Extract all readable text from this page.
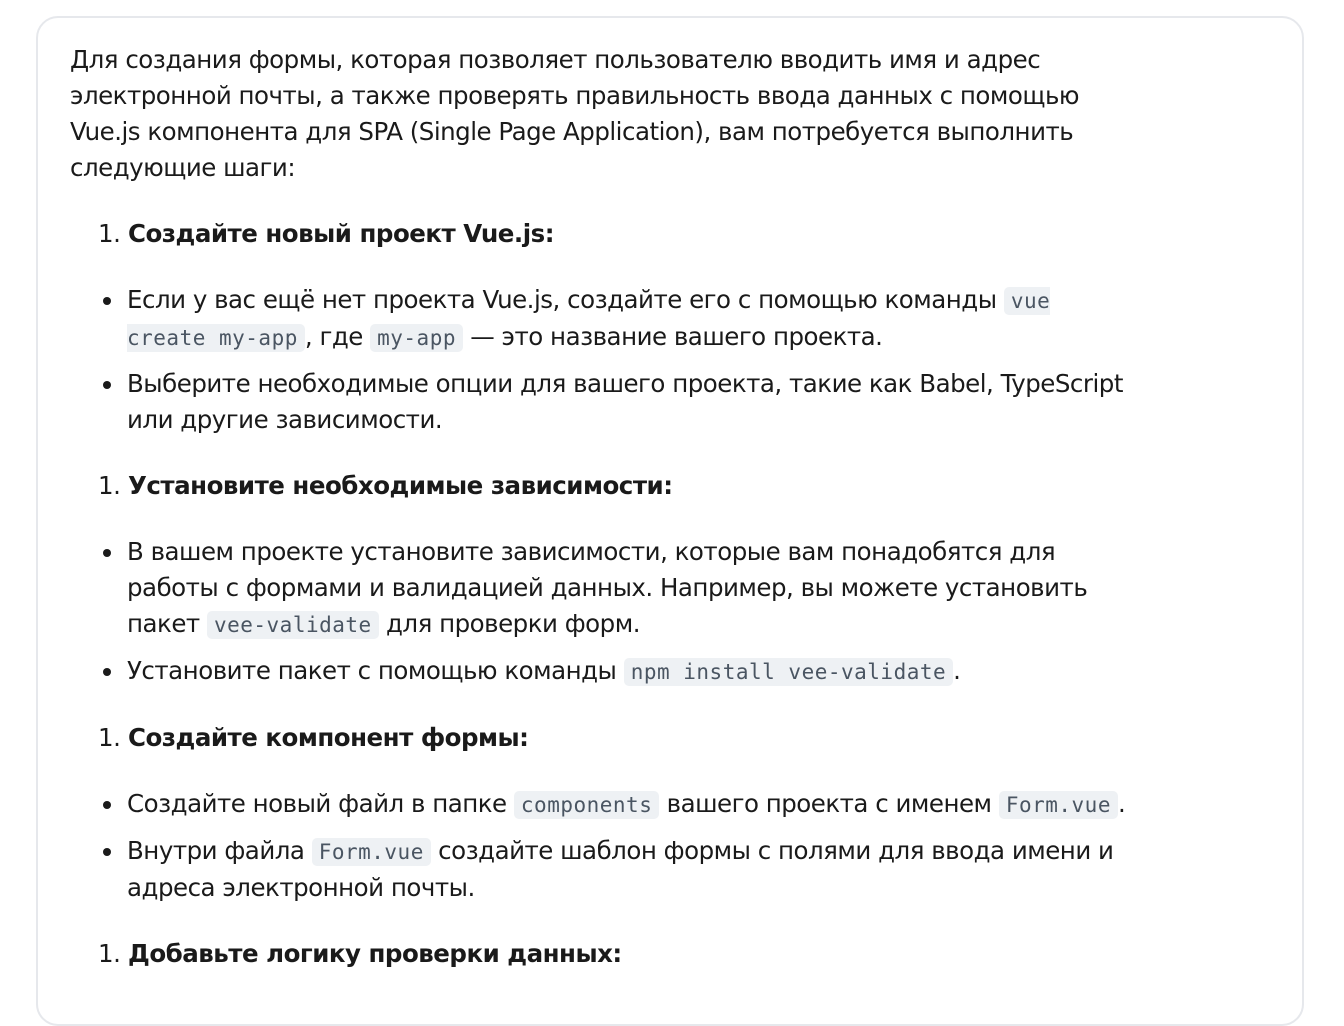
Для создания формы, которая позволяет пользователю вводить имя и адрес электронной почты, а также проверять правильность ввода данных с помощью Vue.js компонента для SPA (Single Page Application), вам потребуется выполнить следующие шаги:

1. Создайте новый проект Vue.js:
Если у вас ещё нет проекта Vue.js, создайте его с помощью команды vue create my-app , где my-app — это название вашего проекта.
Выберите необходимые опции для вашего проекта, такие как Babel, TypeScript или другие зависимости.
1. Установите необходимые зависимости:
В вашем проекте установите зависимости, которые вам понадобятся для работы с формами и валидацией данных. Например, вы можете установить пакет vee-validate для проверки форм.
Установите пакет с помощью команды npm install vee-validate .
1. Создайте компонент формы:
Создайте новый файл в папке components вашего проекта с именем Form.vue .
Внутри файла Form.vue создайте шаблон формы с полями для ввода имени и адреса электронной почты.
1. Добавьте логику проверки данных:
